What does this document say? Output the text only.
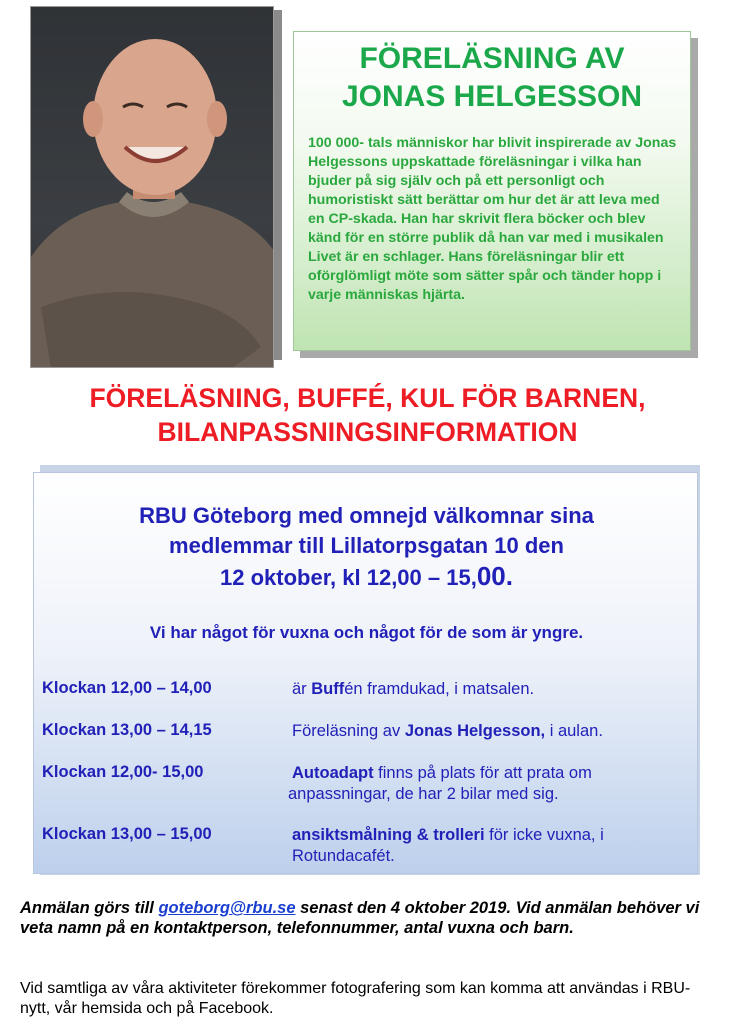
FÖRELÄSNING AV
JONAS HELGESSON
100 000- tals människor har blivit inspirerade av Jonas Helgessons uppskattade föreläsningar i vilka han bjuder på sig själv och på ett personligt och humoristiskt sätt berättar om hur det är att leva med en CP-skada. Han har skrivit flera böcker och blev känd för en större publik då han var med i musikalen Livet är en schlager. Hans föreläsningar blir ett oförglömligt möte som sätter spår och tänder hopp i varje människas hjärta.
FÖRELÄSNING, BUFFÉ, KUL FÖR BARNEN,
BILANPASSNINGSINFORMATION
RBU Göteborg med omnejd välkomnar sina
medlemmar till Lillatorpsgatan 10 den
12 oktober, kl 12,00 – 15,00.
Vi har något för vuxna och något för de som är yngre.
Klockan 12,00 – 14,00	är Buffén framdukad, i matsalen.
Klockan 13,00 – 14,15	Föreläsning av Jonas Helgesson, i aulan.
Klockan 12,00- 15,00	Autoadapt finns på plats för att prata om
anpassningar, de har 2 bilar med sig.
Klockan 13,00 – 15,00	ansiktsmålning & trolleri för icke vuxna, i
Rotundacafét.
Anmälan görs till goteborg@rbu.se senast den 4 oktober 2019. Vid anmälan behöver vi veta namn på en kontaktperson, telefonnummer, antal vuxna och barn.
Vid samtliga av våra aktiviteter förekommer fotografering som kan komma att användas i RBU-nytt, vår hemsida och på Facebook.
